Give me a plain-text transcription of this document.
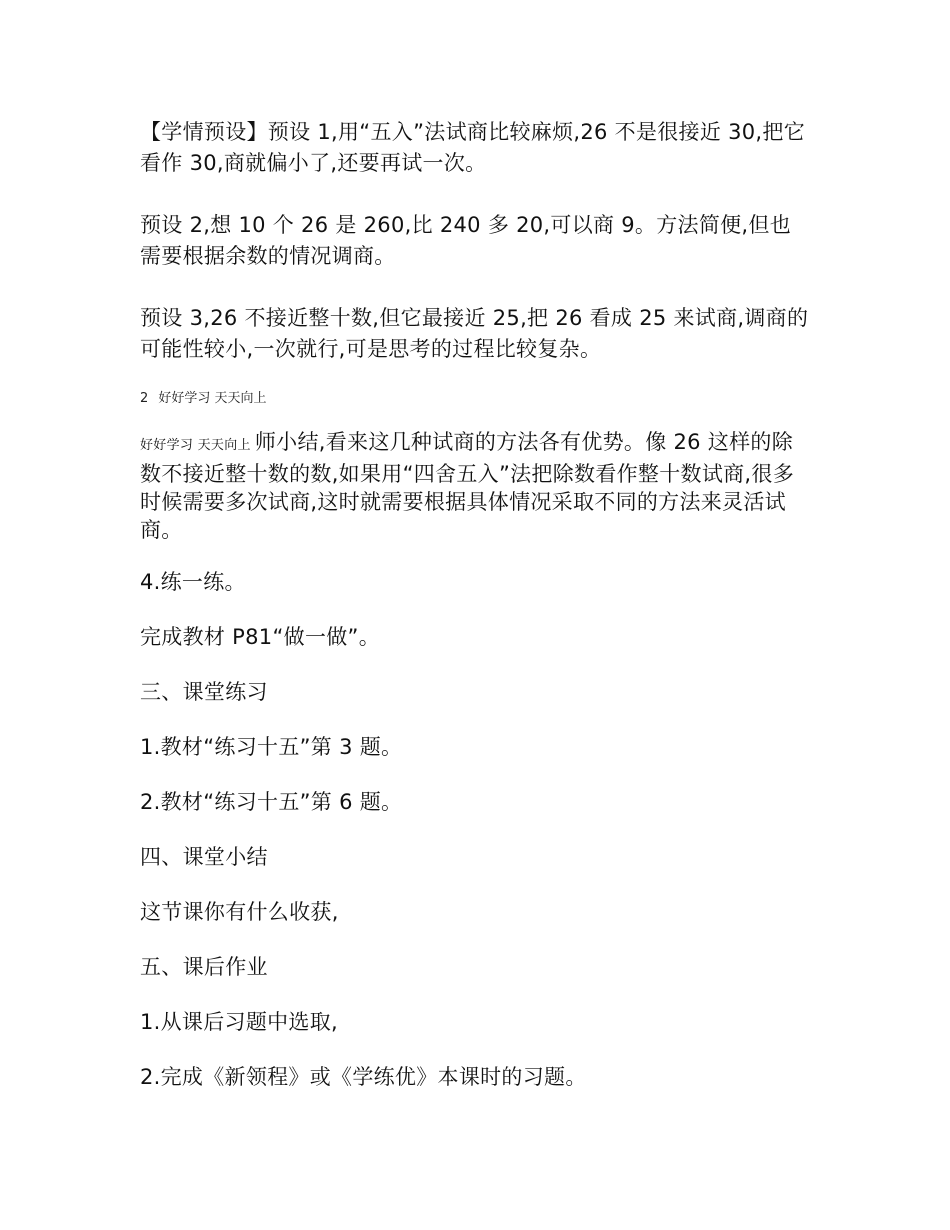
【学情预设】预设 1,用“五入”法试商比较麻烦,26 不是很接近 30,把它看作 30,商就偏小了,还要再试一次。

预设 2,想 10 个 26 是 260,比 240 多 20,可以商 9。方法简便,但也需要根据余数的情况调商。

预设 3,26 不接近整十数,但它最接近 25,把 26 看成 25 来试商,调商的可能性较小,一次就行,可是思考的过程比较复杂。

2 好好学习 天天向上

好好学习 天天向上 师小结,看来这几种试商的方法各有优势。像 26 这样的除数不接近整十数的数,如果用“四舍五入”法把除数看作整十数试商,很多时候需要多次试商,这时就需要根据具体情况采取不同的方法来灵活试商。

4.练一练。

完成教材 P81“做一做”。

三、课堂练习

1.教材“练习十五”第 3 题。

2.教材“练习十五”第 6 题。

四、课堂小结

这节课你有什么收获,

五、课后作业

1.从课后习题中选取,

2.完成《新领程》或《学练优》本课时的习题。
